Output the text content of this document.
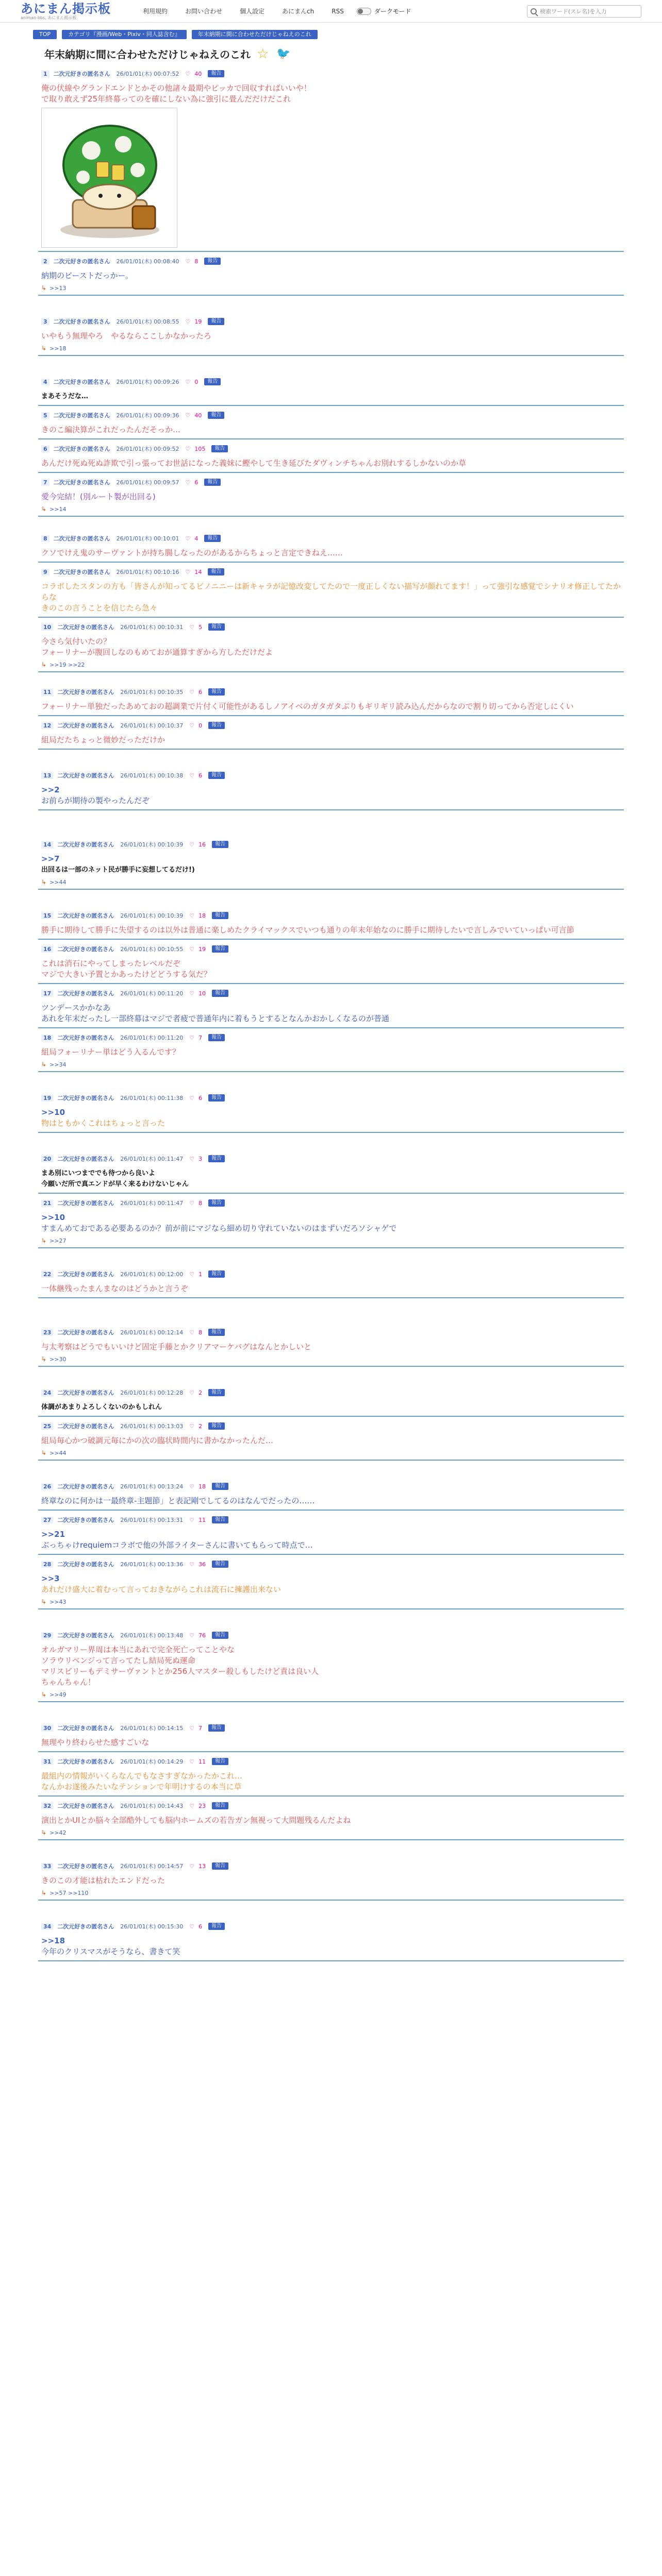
あにまん掲示板
animan-bbs, あにまん掲示板
利用規約	お問い合わせ	個人設定	あにまんch	RSS	ダークモード	検索ワード(スレ名)を入力
TOP	カテゴリ『漫画/Web・Pixiv・同人誌含む』	年末納期に間に合わせただけじゃねえのこれ
年末納期に間に合わせただけじゃねえのこれ ☆ 🐦
1	二次元好きの匿名さん 26/01/01(木) 00:07:52 ♡ 40	報告
俺の伏線やグランドエンドとかその他諸々最期やピッカで回収すればいいや！
で取り敢えず25年終幕ってのを確にしない為に強引に畳んだだけだこれ
2	二次元好きの匿名さん 26/01/01(木) 00:08:40 ♡ 8	報告
納期のピーストだっかー。
↳ >>13
3	二次元好きの匿名さん 26/01/01(木) 00:08:55 ♡ 19	報告
いやもう無理やろ　やるならここしかなかったろ
↳ >>18
4	二次元好きの匿名さん 26/01/01(木) 00:09:26 ♡ 0	報告
まあそうだな…
5	二次元好きの匿名さん 26/01/01(木) 00:09:36 ♡ 40	報告
きのこ編決算がこれだったんだそっか…
6	二次元好きの匿名さん 26/01/01(木) 00:09:52 ♡ 105	報告
あんだけ死ぬ死ぬ詐欺で引っ張ってお世話になった義妹に鰹やして生き延びたダヴィンチちゃんお別れするしかないのか草
7	二次元好きの匿名さん 26/01/01(木) 00:09:57 ♡ 6	報告
愛今完結！(別ルート製が出回る)
↳ >>14
8	二次元好きの匿名さん 26/01/01(木) 00:10:01 ♡ 4	報告
クソでけえ鬼のサーヴァントが持ち腸しなったのがあるからちょっと言定できねえ……
9	二次元好きの匿名さん 26/01/01(木) 00:10:16 ♡ 14	報告
コラボしたスタンの方も「皆さんが知ってるビノニニーは新キャラが記憶改変してたので一度正しくない描写が顔れてます！」って強引な感覚でシナリオ修正してたからな
きのこの言うことを信じたら急々
10	二次元好きの匿名さん 26/01/01(木) 00:10:31 ♡ 5	報告
今さら気付いたの？
フォーリナーが腹回しなのもめておが通算すぎから方しただけだよ
↳ >>19 >>22
11	二次元好きの匿名さん 26/01/01(木) 00:10:35 ♡ 6	報告
フォーリナー単独だったあめておの超調業で片付く可能性があるしノアイベのガタガタぶりもギリギリ読み込んだからなので割り切ってから否定しにくい
12	二次元好きの匿名さん 26/01/01(木) 00:10:37 ♡ 0	報告
組局だたちょっと微妙だっただけか
13	二次元好きの匿名さん 26/01/01(木) 00:10:38 ♡ 6	報告
>>2
お前らが期待の製やったんだぞ
14	二次元好きの匿名さん 26/01/01(木) 00:10:39 ♡ 16	報告
>>7
出回るは一部のネット民が勝手に妄想してるだけ!)
↳ >>44
15	二次元好きの匿名さん 26/01/01(木) 00:10:39 ♡ 18	報告
勝手に期待して勝手に失望するのは以外は普通に楽しめたクライマックスでいつも通りの年末年始なのに勝手に期待したいで言しみでいていっぱい可言節
16	二次元好きの匿名さん 26/01/01(木) 00:10:55 ♡ 19	報告
これは消石にやってしまったレベルだぞ
マジで大きい予置とかあったけどどうする気だ？
17	二次元好きの匿名さん 26/01/01(木) 00:11:20 ♡ 10	報告
ツンデースかかなあ
あれを年末だったし一部終幕はマジで者疲で普通年内に着もうとするとなんかおかしくなるのが普通
18	二次元好きの匿名さん 26/01/01(木) 00:11:20 ♡ 7	報告
組局フォーリナー単はどう入るんです？
↳ >>34
19	二次元好きの匿名さん 26/01/01(木) 00:11:38 ♡ 6	報告
>>10
物はともかくこれはちょっと言った
20	二次元好きの匿名さん 26/01/01(木) 00:11:47 ♡ 3	報告
まあ別にいつまででも待つから良いよ
今願いだ所で真エンドが早く来るわけないじゃん
21	二次元好きの匿名さん 26/01/01(木) 00:11:47 ♡ 8	報告
>>10
すまんめておである必要あるのか？前が前にマジなら細め切り守れていないのはまずいだろソシャゲで
↳ >>27
22	二次元好きの匿名さん 26/01/01(木) 00:12:00 ♡ 1	報告
一体継残ったまんまなのはどうかと言うぞ
23	二次元好きの匿名さん 26/01/01(木) 00:12:14 ♡ 8	報告
与太考察はどうでもいいけど固定手藤とかクリアマーケバグはなんとかしいと
↳ >>30
24	二次元好きの匿名さん 26/01/01(木) 00:12:28 ♡ 2	報告
体調があまりよろしくないのかもしれん
25	二次元好きの匿名さん 26/01/01(木) 00:13:03 ♡ 2	報告
組局毎心かつ破調元毎にかの次の臨状時間内に書かなかったんだ…
↳ >>44
26	二次元好きの匿名さん 26/01/01(木) 00:13:24 ♡ 18	報告
終章なのに何かは一最終章-主題節」と表記剛でしてるのはなんでだったの……
27	二次元好きの匿名さん 26/01/01(木) 00:13:31 ♡ 11	報告
>>21
ぶっちゃけrequiemコラボで他の外部ライターさんに書いてもらって時点で…
28	二次元好きの匿名さん 26/01/01(木) 00:13:36 ♡ 36	報告
>>3
あれだけ盛大に着むって言っておきながらこれは流石に擁護出来ない
↳ >>43
29	二次元好きの匿名さん 26/01/01(木) 00:13:48 ♡ 76	報告
オルガマリー界周は本当にあれで完全死亡ってことやな
ソラウリベンジって言ってたし結局死ぬ運命
マリスビリーもデミサーヴァントとか256人マスター殺しもしたけど責は良い人
ちゃんちゃん！
↳ >>49
30	二次元好きの匿名さん 26/01/01(木) 00:14:15 ♡ 7	報告
無理やり終わらせた感すごいな
31	二次元好きの匿名さん 26/01/01(木) 00:14:29 ♡ 11	報告
最組内の情報がいくらなんでもなさすぎなかったかこれ…
なんかお遂後みたいなテンションで年明けするの本当に草
32	二次元好きの匿名さん 26/01/01(木) 00:14:43 ♡ 23	報告
演出とかUIとか脳々全部酷外しても脳内ホームズの若告ガン無視って大問題残るんだよね
↳ >>42
33	二次元好きの匿名さん 26/01/01(木) 00:14:57 ♡ 13	報告
きのこの才能は枯れたエンドだった
↳ >>57 >>110
34	二次元好きの匿名さん 26/01/01(木) 00:15:30 ♡ 6	報告
>>18
今年のクリスマスがそうなら、書きて笑
